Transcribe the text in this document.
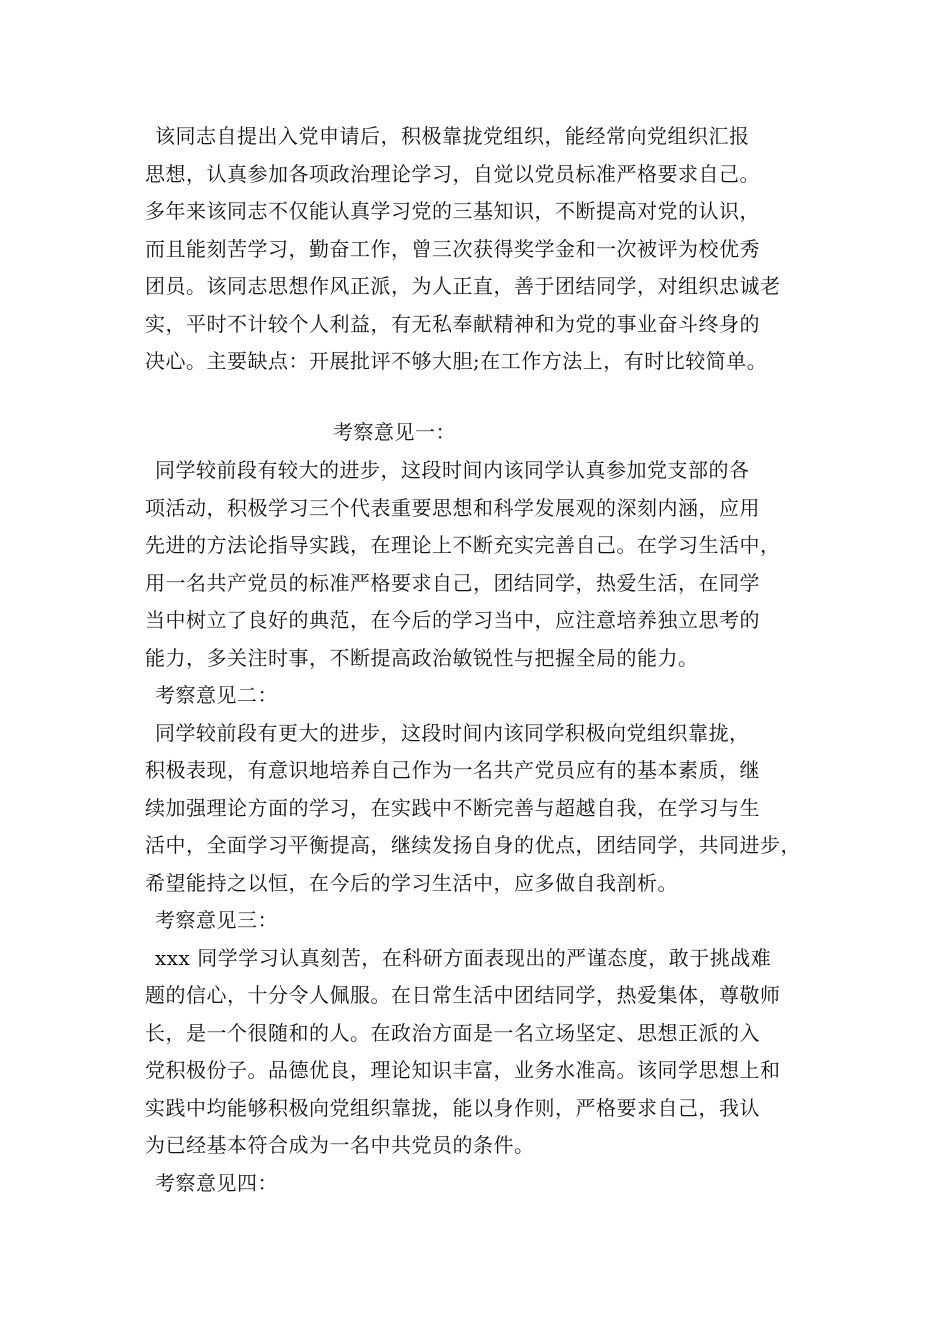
该同志自提出入党申请后，积极靠拢党组织，能经常向党组织汇报
思想，认真参加各项政治理论学习，自觉以党员标准严格要求自己。
多年来该同志不仅能认真学习党的三基知识，不断提高对党的认识，
而且能刻苦学习，勤奋工作，曾三次获得奖学金和一次被评为校优秀
团员。该同志思想作风正派，为人正直，善于团结同学，对组织忠诚老
实，平时不计较个人利益，有无私奉献精神和为党的事业奋斗终身的
决心。主要缺点：开展批评不够大胆;在工作方法上，有时比较简单。
考察意见一：
同学较前段有较大的进步，这段时间内该同学认真参加党支部的各
项活动，积极学习三个代表重要思想和科学发展观的深刻内涵，应用
先进的方法论指导实践，在理论上不断充实完善自己。在学习生活中，
用一名共产党员的标准严格要求自己，团结同学，热爱生活，在同学
当中树立了良好的典范，在今后的学习当中，应注意培养独立思考的
能力，多关注时事，不断提高政治敏锐性与把握全局的能力。
考察意见二：
同学较前段有更大的进步，这段时间内该同学积极向党组织靠拢，
积极表现，有意识地培养自己作为一名共产党员应有的基本素质，继
续加强理论方面的学习，在实践中不断完善与超越自我，在学习与生
活中，全面学习平衡提高，继续发扬自身的优点，团结同学，共同进步，
希望能持之以恒，在今后的学习生活中，应多做自我剖析。
考察意见三：
xxx 同学学习认真刻苦，在科研方面表现出的严谨态度，敢于挑战难
题的信心，十分令人佩服。在日常生活中团结同学，热爱集体，尊敬师
长，是一个很随和的人。在政治方面是一名立场坚定、思想正派的入
党积极份子。品德优良，理论知识丰富，业务水准高。该同学思想上和
实践中均能够积极向党组织靠拢，能以身作则，严格要求自己，我认
为已经基本符合成为一名中共党员的条件。
考察意见四：
